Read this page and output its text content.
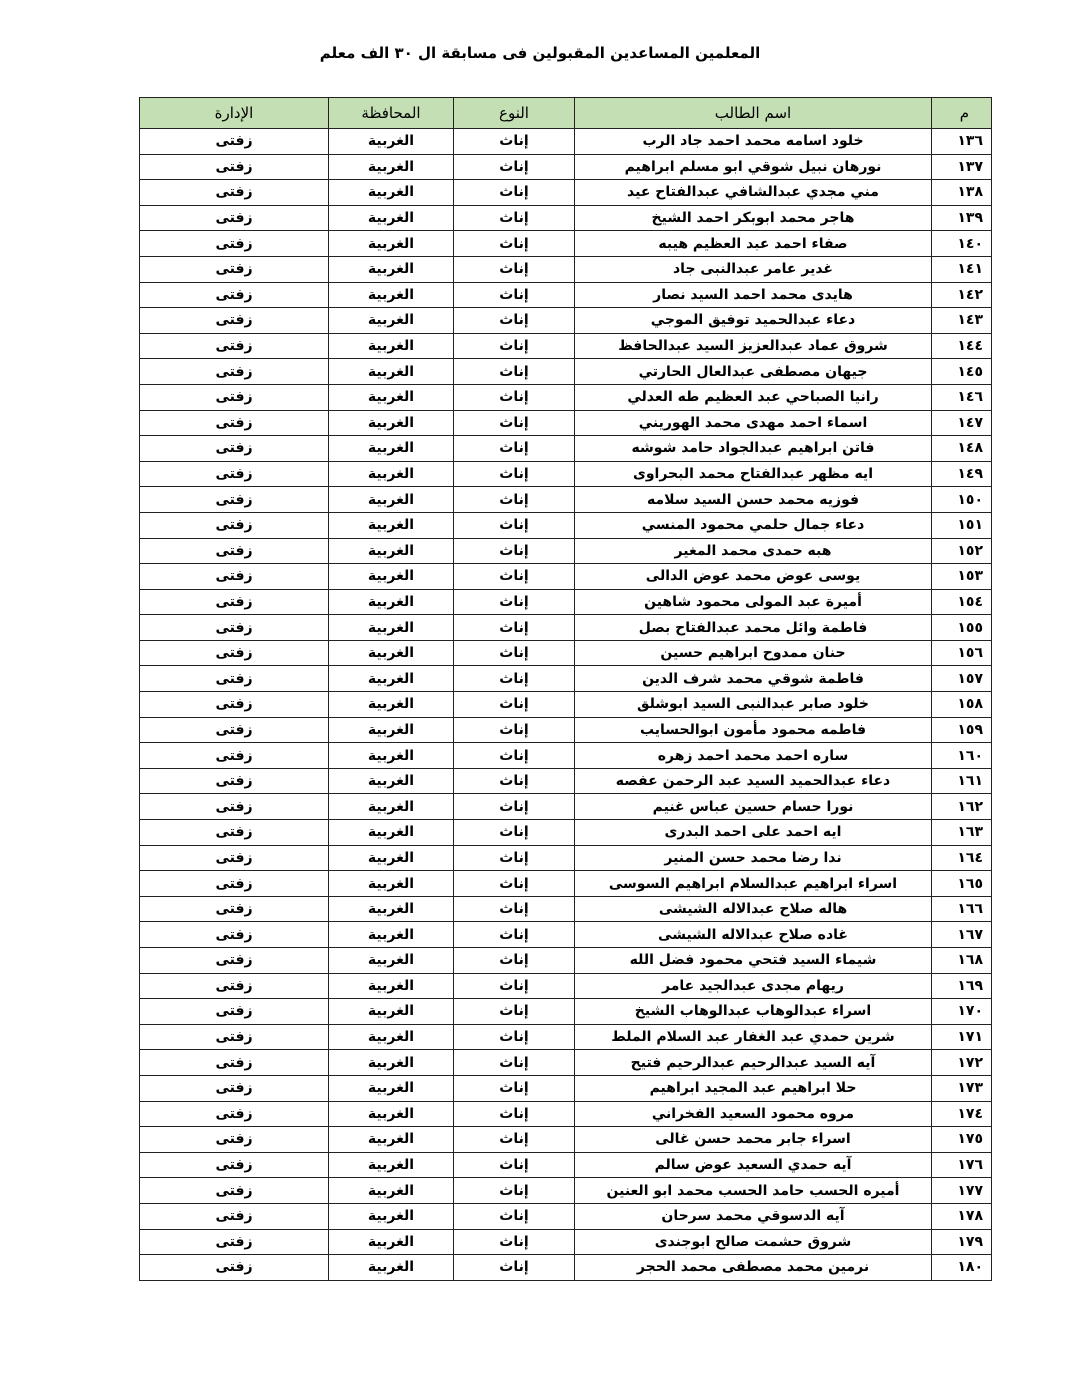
المعلمين المساعدين المقبولين فى مسابقة ال ٣٠ الف معلم
م	اسم الطالب	النوع	المحافظة	الإدارة
١٣٦	خلود اسامه محمد احمد جاد الرب	إناث	الغربية	زفتى
١٣٧	نورهان نبيل شوقي ابو مسلم ابراهيم	إناث	الغربية	زفتى
١٣٨	مني مجدي عبدالشافي عبدالفتاح عيد	إناث	الغربية	زفتى
١٣٩	هاجر محمد ابوبكر احمد الشيخ	إناث	الغربية	زفتى
١٤٠	صفاء احمد عبد العظيم هيبه	إناث	الغربية	زفتى
١٤١	غدير عامر عبدالنبى جاد	إناث	الغربية	زفتى
١٤٢	هايدى محمد احمد السيد نصار	إناث	الغربية	زفتى
١٤٣	دعاء عبدالحميد توفيق الموجي	إناث	الغربية	زفتى
١٤٤	شروق عماد عبدالعزيز السيد عبدالحافظ	إناث	الغربية	زفتى
١٤٥	جيهان مصطفى عبدالعال الحارتي	إناث	الغربية	زفتى
١٤٦	رانيا الصباحي عبد العظيم طه العدلي	إناث	الغربية	زفتى
١٤٧	اسماء احمد مهدى محمد الهوريني	إناث	الغربية	زفتى
١٤٨	فاتن ابراهيم عبدالجواد حامد شوشه	إناث	الغربية	زفتى
١٤٩	ايه مظهر عبدالفتاح محمد البحراوى	إناث	الغربية	زفتى
١٥٠	فوزيه محمد حسن السيد سلامه	إناث	الغربية	زفتى
١٥١	دعاء جمال حلمي محمود المنسي	إناث	الغربية	زفتى
١٥٢	هبه حمدى محمد المغير	إناث	الغربية	زفتى
١٥٣	يوسى عوض محمد عوض الدالى	إناث	الغربية	زفتى
١٥٤	أميرة عبد المولى محمود شاهين	إناث	الغربية	زفتى
١٥٥	فاطمة وائل محمد عبدالفتاح بصل	إناث	الغربية	زفتى
١٥٦	حنان ممدوح ابراهيم حسين	إناث	الغربية	زفتى
١٥٧	فاطمة شوقي محمد شرف الدين	إناث	الغربية	زفتى
١٥٨	خلود صابر عبدالنبى السيد ابوشلق	إناث	الغربية	زفتى
١٥٩	فاطمه محمود مأمون ابوالحسايب	إناث	الغربية	زفتى
١٦٠	ساره احمد محمد احمد زهره	إناث	الغربية	زفتى
١٦١	دعاء عبدالحميد السيد عبد الرحمن عفصه	إناث	الغربية	زفتى
١٦٢	نورا حسام حسين عباس غنيم	إناث	الغربية	زفتى
١٦٣	ايه احمد على احمد البدرى	إناث	الغربية	زفتى
١٦٤	ندا رضا محمد حسن المنير	إناث	الغربية	زفتى
١٦٥	اسراء ابراهيم عبدالسلام ابراهيم السوسى	إناث	الغربية	زفتى
١٦٦	هاله صلاح عبدالاله الشيشى	إناث	الغربية	زفتى
١٦٧	غاده صلاح عبدالاله الشيشى	إناث	الغربية	زفتى
١٦٨	شيماء السيد فتحي محمود فضل الله	إناث	الغربية	زفتى
١٦٩	ريهام مجدى عبدالجيد عامر	إناث	الغربية	زفتى
١٧٠	اسراء عبدالوهاب عبدالوهاب الشيخ	إناث	الغربية	زفتى
١٧١	شرين حمدي عبد الغفار عبد السلام الملط	إناث	الغربية	زفتى
١٧٢	آيه السيد عبدالرحيم عبدالرحيم فتيح	إناث	الغربية	زفتى
١٧٣	حلا ابراهيم عبد المجيد ابراهيم	إناث	الغربية	زفتى
١٧٤	مروه محمود السعيد الفخراني	إناث	الغربية	زفتى
١٧٥	اسراء جابر محمد حسن غالى	إناث	الغربية	زفتى
١٧٦	آيه حمدي السعيد عوض سالم	إناث	الغربية	زفتى
١٧٧	أميره الحسب حامد الحسب محمد ابو العنين	إناث	الغربية	زفتى
١٧٨	آيه الدسوقي محمد سرحان	إناث	الغربية	زفتى
١٧٩	شروق حشمت صالح ابوجندى	إناث	الغربية	زفتى
١٨٠	نرمين محمد مصطفى محمد الحجر	إناث	الغربية	زفتى
